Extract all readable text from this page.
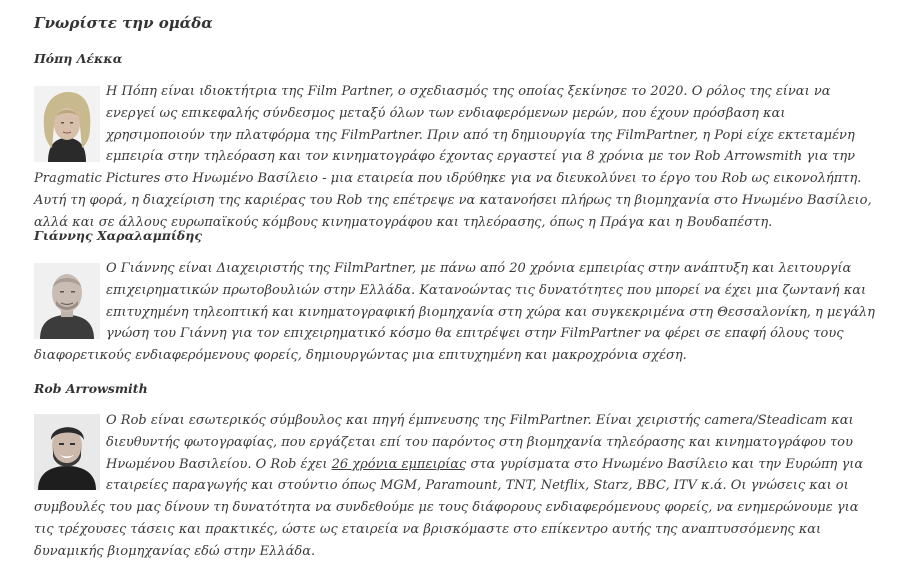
Γνωρίστε την ομάδα
Πόπη Λέκκα
Η Πόπη είναι ιδιοκτήτρια της Film Partner, ο σχεδιασμός της οποίας ξεκίνησε το 2020. Ο ρόλος της είναι να ενεργεί ως επικεφαλής σύνδεσμος μεταξύ όλων των ενδιαφερόμενων μερών, που έχουν πρόσβαση και χρησιμοποιούν την πλατφόρμα της FilmPartner. Πριν από τη δημιουργία της FilmPartner, η Popi είχε εκτεταμένη εμπειρία στην τηλεόραση και τον κινηματογράφο έχοντας εργαστεί για 8 χρόνια με τον Rob Arrowsmith για την Pragmatic Pictures στο Ηνωμένο Βασίλειο - μια εταιρεία που ιδρύθηκε για να διευκολύνει το έργο του Rob ως εικονολήπτη. Αυτή τη φορά, η διαχείριση της καριέρας του Rob της επέτρεψε να κατανοήσει πλήρως τη βιομηχανία στο Ηνωμένο Βασίλειο, αλλά και σε άλλους ευρωπαϊκούς κόμβους κινηματογράφου και τηλεόρασης, όπως η Πράγα και η Βουδαπέστη.
Γιάννης Χαραλαμπίδης
Ο Γιάννης είναι Διαχειριστής της FilmPartner, με πάνω από 20 χρόνια εμπειρίας στην ανάπτυξη και λειτουργία επιχειρηματικών πρωτοβουλιών στην Ελλάδα. Κατανοώντας τις δυνατότητες που μπορεί να έχει μια ζωντανή και επιτυχημένη τηλεοπτική και κινηματογραφική βιομηχανία στη χώρα και συγκεκριμένα στη Θεσσαλονίκη, η μεγάλη γνώση του Γιάννη για τον επιχειρηματικό κόσμο θα επιτρέψει στην FilmPartner να φέρει σε επαφή όλους τους διαφορετικούς ενδιαφερόμενους φορείς, δημιουργώντας μια επιτυχημένη και μακροχρόνια σχέση.
Rob Arrowsmith
Ο Rob είναι εσωτερικός σύμβουλος και πηγή έμπνευσης της FilmPartner. Είναι χειριστής camera/Steadicam και διευθυντής φωτογραφίας, που εργάζεται επί του παρόντος στη βιομηχανία τηλεόρασης και κινηματογράφου του Ηνωμένου Βασιλείου. Ο Rob έχει 26 χρόνια εμπειρίας στα γυρίσματα στο Ηνωμένο Βασίλειο και την Ευρώπη για εταιρείες παραγωγής και στούντιο όπως MGM, Paramount, TNT, Netflix, Starz, BBC, ITV κ.ά. Οι γνώσεις και οι συμβουλές του μας δίνουν τη δυνατότητα να συνδεθούμε με τους διάφορους ενδιαφερόμενους φορείς, να ενημερώνουμε για τις τρέχουσες τάσεις και πρακτικές, ώστε ως εταιρεία να βρισκόμαστε στο επίκεντρο αυτής της αναπτυσσόμενης και δυναμικής βιομηχανίας εδώ στην Ελλάδα.
